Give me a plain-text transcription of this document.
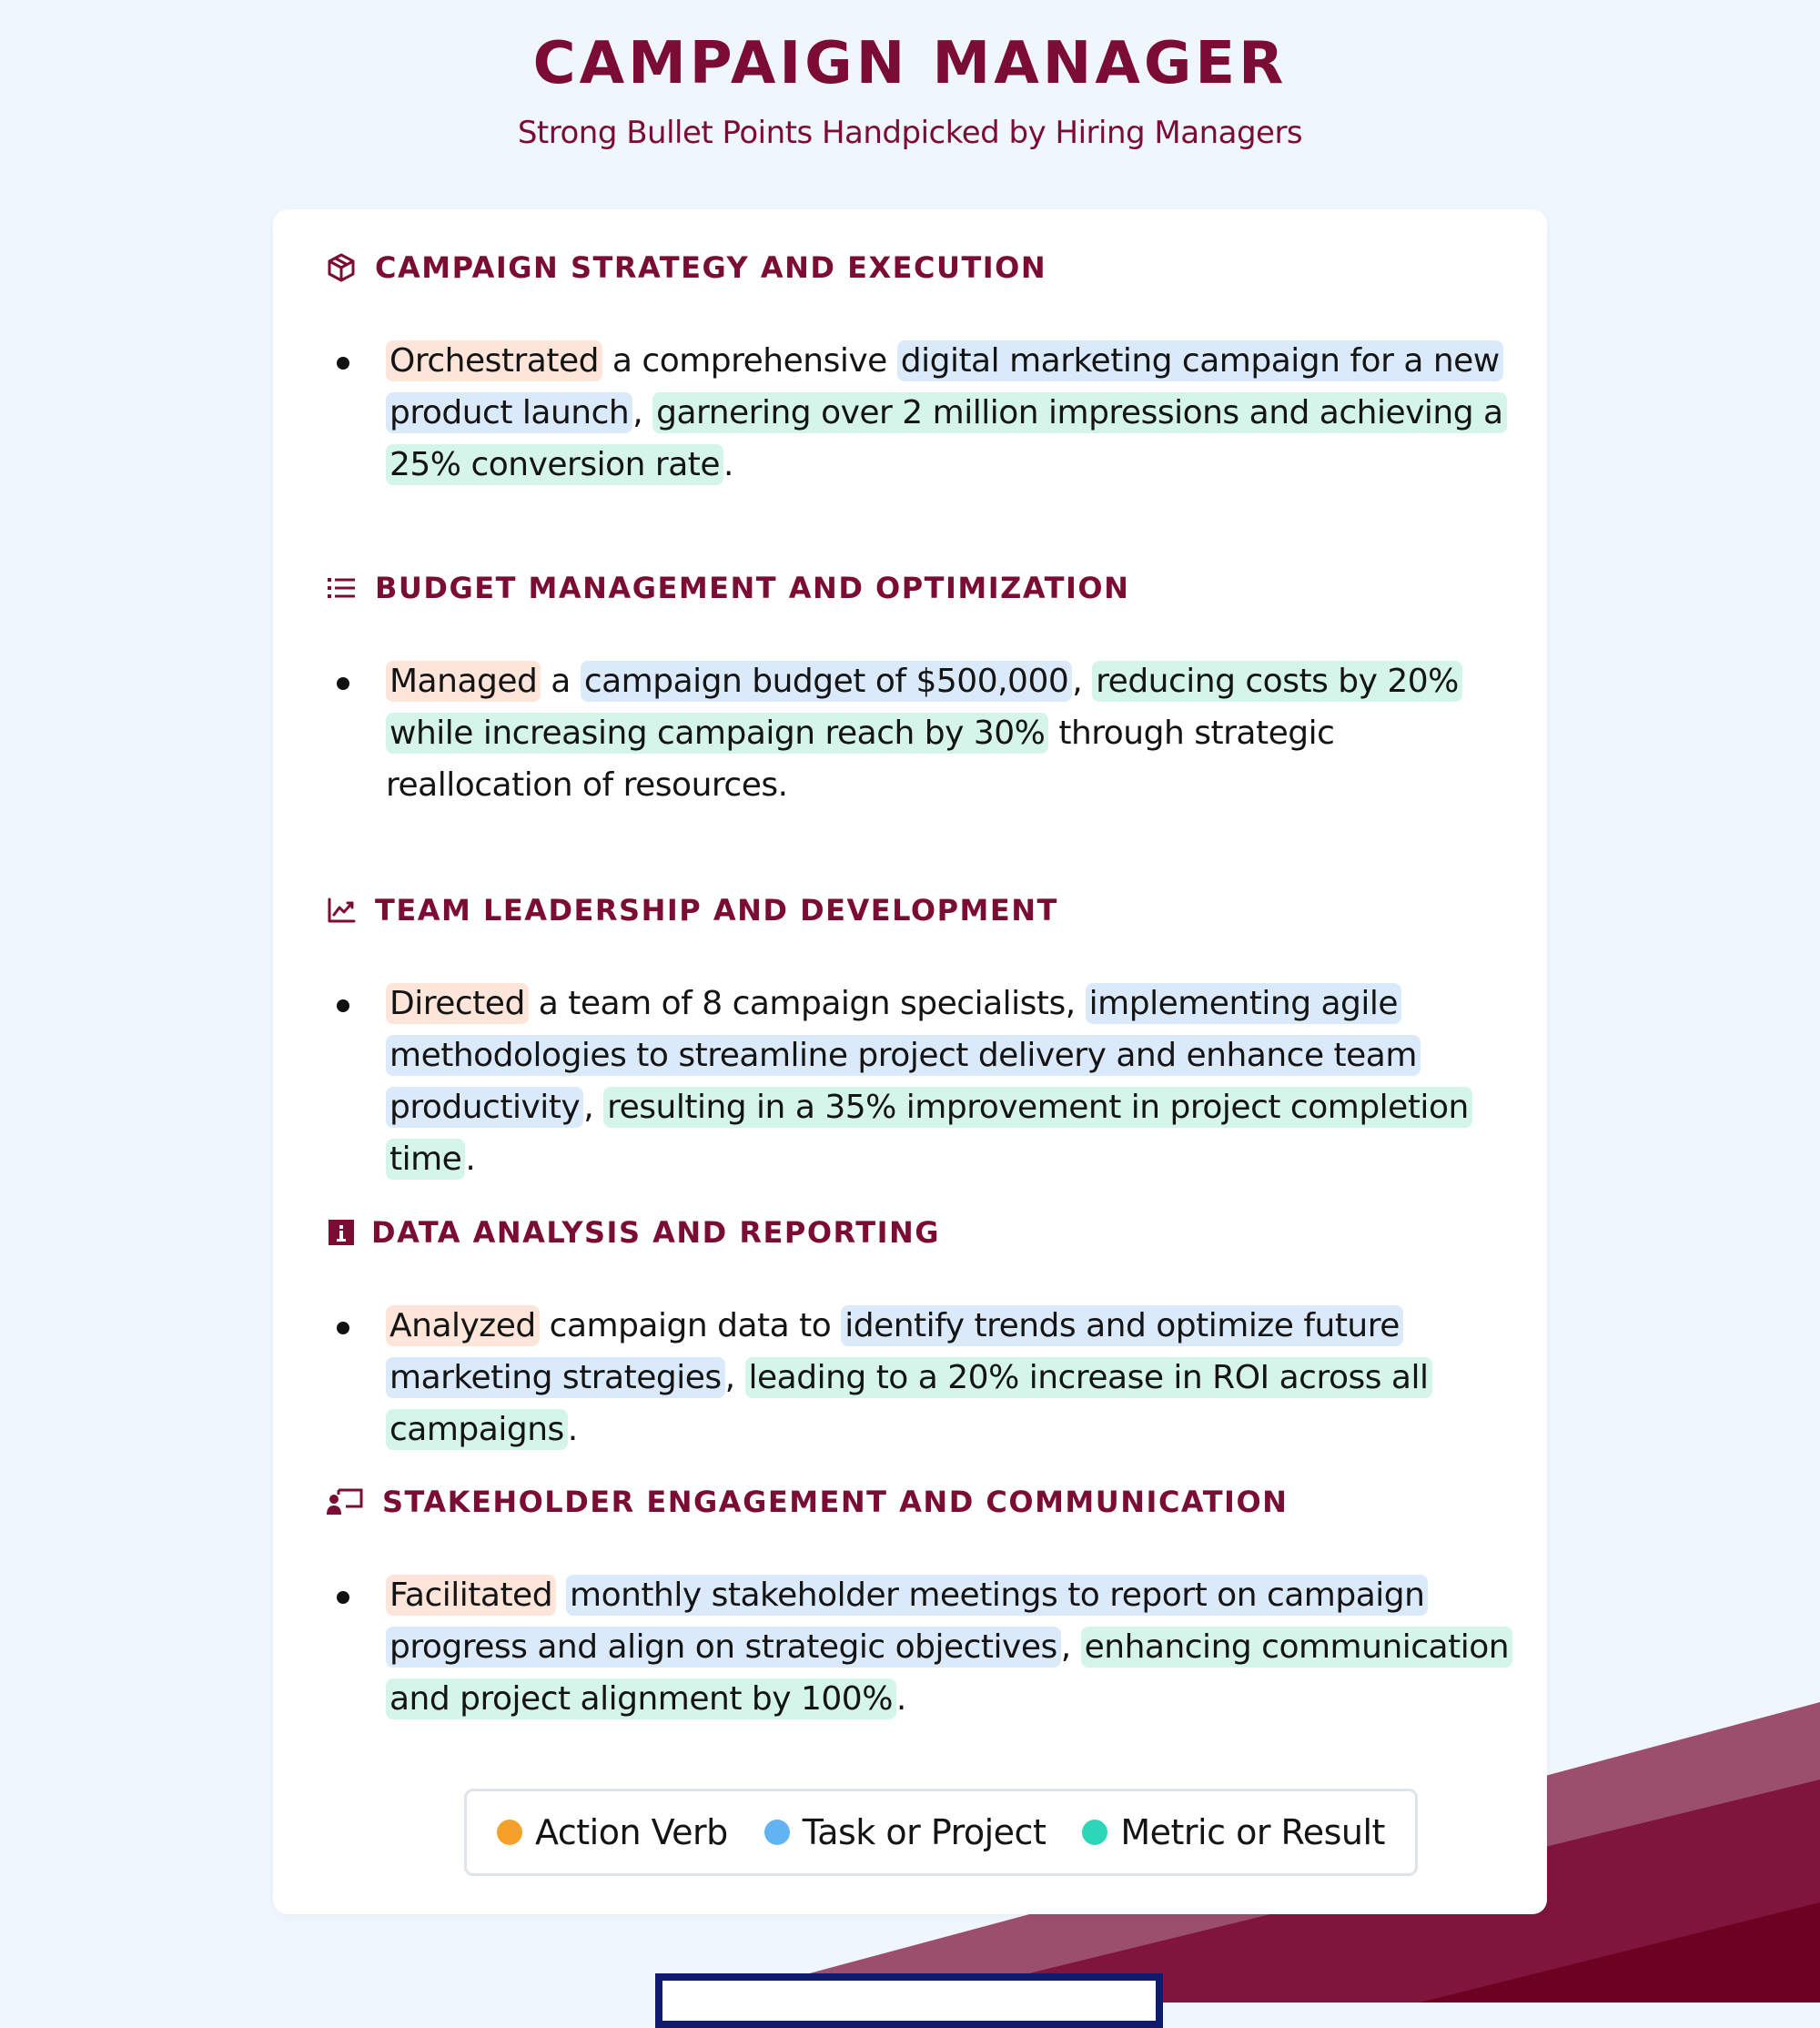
CAMPAIGN MANAGER
Strong Bullet Points Handpicked by Hiring Managers
CAMPAIGN STRATEGY AND EXECUTION
Orchestrated a comprehensive digital marketing campaign for a new product launch , garnering over 2 million impressions and achieving a 25% conversion rate .
BUDGET MANAGEMENT AND OPTIMIZATION
Managed a campaign budget of $500,000 , reducing costs by 20% while increasing campaign reach by 30% through strategic reallocation of resources.
TEAM LEADERSHIP AND DEVELOPMENT
Directed a team of 8 campaign specialists, implementing agile methodologies to streamline project delivery and enhance team productivity , resulting in a 35% improvement in project completion time .
DATA ANALYSIS AND REPORTING
Analyzed campaign data to identify trends and optimize future marketing strategies , leading to a 20% increase in ROI across all campaigns .
STAKEHOLDER ENGAGEMENT AND COMMUNICATION
Facilitated monthly stakeholder meetings to report on campaign progress and align on strategic objectives , enhancing communication and project alignment by 100% .
Action Verb Task or Project Metric or Result
